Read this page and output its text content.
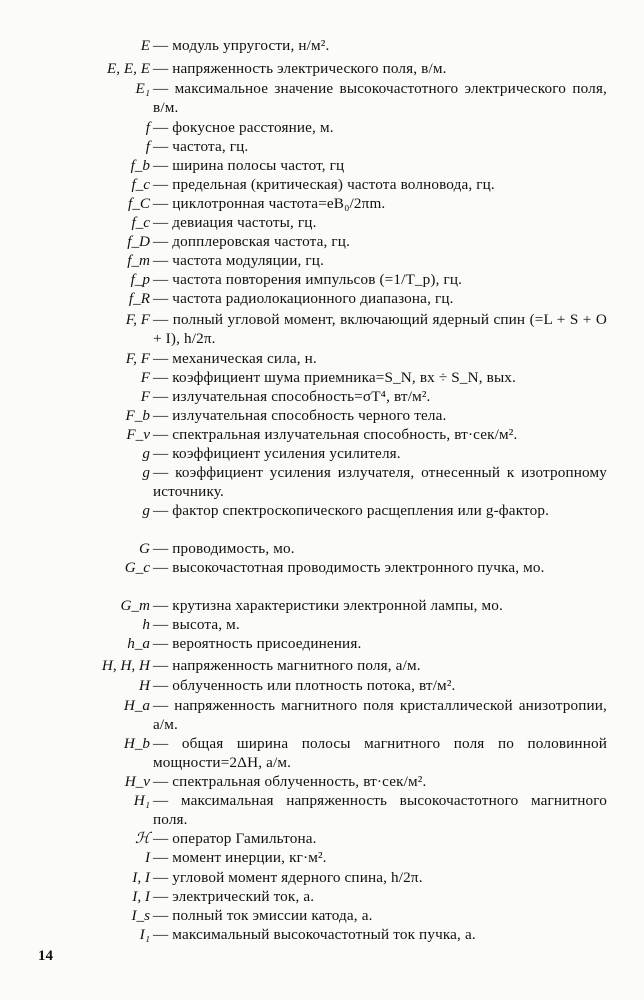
E — модуль упругости, н/м².
E, E, E — напряженность электрического поля, в/м.
E₁ — максимальное значение высокочастотного электрического поля, в/м.
f — фокусное расстояние, м.
f — частота, гц.
f_b — ширина полосы частот, гц
f_c — предельная (критическая) частота волновода, гц.
f_C — циклотронная частота=eB₀/2πm.
f_c — девиация частоты, гц.
f_D — допплеровская частота, гц.
f_m — частота модуляции, гц.
f_p — частота повторения импульсов (=1/T_p), гц.
f_R — частота радиолокационного диапазона, гц.
F, F — полный угловой момент, включающий ядерный спин (=L + S + O + I), h/2π.
F, F — механическая сила, н.
F — коэффициент шума приемника=S_N, вх ÷ S_N, вых.
F — излучательная способность=σT⁴, вт/м².
F_b — излучательная способность черного тела.
F_v — спектральная излучательная способность, вт·сек/м².
g — коэффициент усиления усилителя.
g — коэффициент усиления излучателя, отнесенный к изотропному источнику.
g — фактор спектроскопического расщепления или g-фактор.
G — проводимость, мо.
G_c — высокочастотная проводимость электронного пучка, мо.
G_m — крутизна характеристики электронной лампы, мо.
h — высота, м.
h_a — вероятность присоединения.
H, H, H — напряженность магнитного поля, а/м.
H — облученность или плотность потока, вт/м².
H_a — напряженность магнитного поля кристаллической анизотропии, а/м.
H_b — общая ширина полосы магнитного поля по половинной мощности=2ΔH, а/м.
H_v — спектральная облученность, вт·сек/м².
H₁ — максимальная напряженность высокочастотного магнитного поля.
ℋ — оператор Гамильтона.
I — момент инерции, кг·м².
I, I — угловой момент ядерного спина, h/2π.
I, I — электрический ток, а.
I_s — полный ток эмиссии катода, а.
I₁ — максимальный высокочастотный ток пучка, а.
14
